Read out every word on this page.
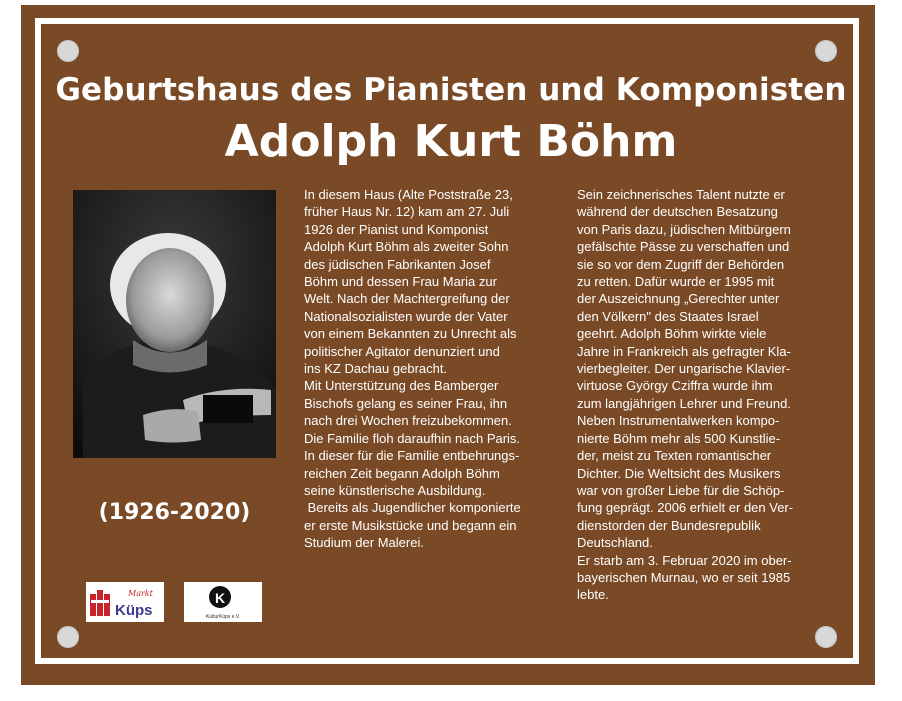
Geburtshaus des Pianisten und Komponisten
Adolph Kurt Böhm
(1926-2020)
Markt
Küps
K
KulturKüps e.V.

In diesem Haus (Alte Poststraße 23,

früher Haus Nr. 12) kam am 27. Juli

1926 der Pianist und Komponist

Adolph Kurt Böhm als zweiter Sohn

des jüdischen Fabrikanten Josef

Böhm und dessen Frau Maria zur

Welt. Nach der Machtergreifung der

Nationalsozialisten wurde der Vater

von einem Bekannten zu Unrecht als

politischer Agitator denunziert und

ins KZ Dachau gebracht.

Mit Unterstützung des Bamberger

Bischofs gelang es seiner Frau, ihn

nach drei Wochen freizubekommen.

Die Familie floh daraufhin nach Paris.

In dieser für die Familie entbehrungs-

reichen Zeit begann Adolph Böhm

seine künstlerische Ausbildung.

Bereits als Jugendlicher komponierte

er erste Musikstücke und begann ein

Studium der Malerei.

Sein zeichnerisches Talent nutzte er

während der deutschen Besatzung

von Paris dazu, jüdischen Mitbürgern

gefälschte Pässe zu verschaffen und

sie so vor dem Zugriff der Behörden

zu retten. Dafür wurde er 1995 mit

der Auszeichnung „Gerechter unter

den Völkern" des Staates Israel

geehrt. Adolph Böhm wirkte viele

Jahre in Frankreich als gefragter Kla-

vierbegleiter. Der ungarische Klavier-

virtuose György Cziffra wurde ihm

zum langjährigen Lehrer und Freund.

Neben Instrumentalwerken kompo-

nierte Böhm mehr als 500 Kunstlie-

der, meist zu Texten romantischer

Dichter. Die Weltsicht des Musikers

war von großer Liebe für die Schöp-

fung geprägt. 2006 erhielt er den Ver-

dienstorden der Bundesrepublik

Deutschland.

Er starb am 3. Februar 2020 im ober-

bayerischen Murnau, wo er seit 1985

lebte.
